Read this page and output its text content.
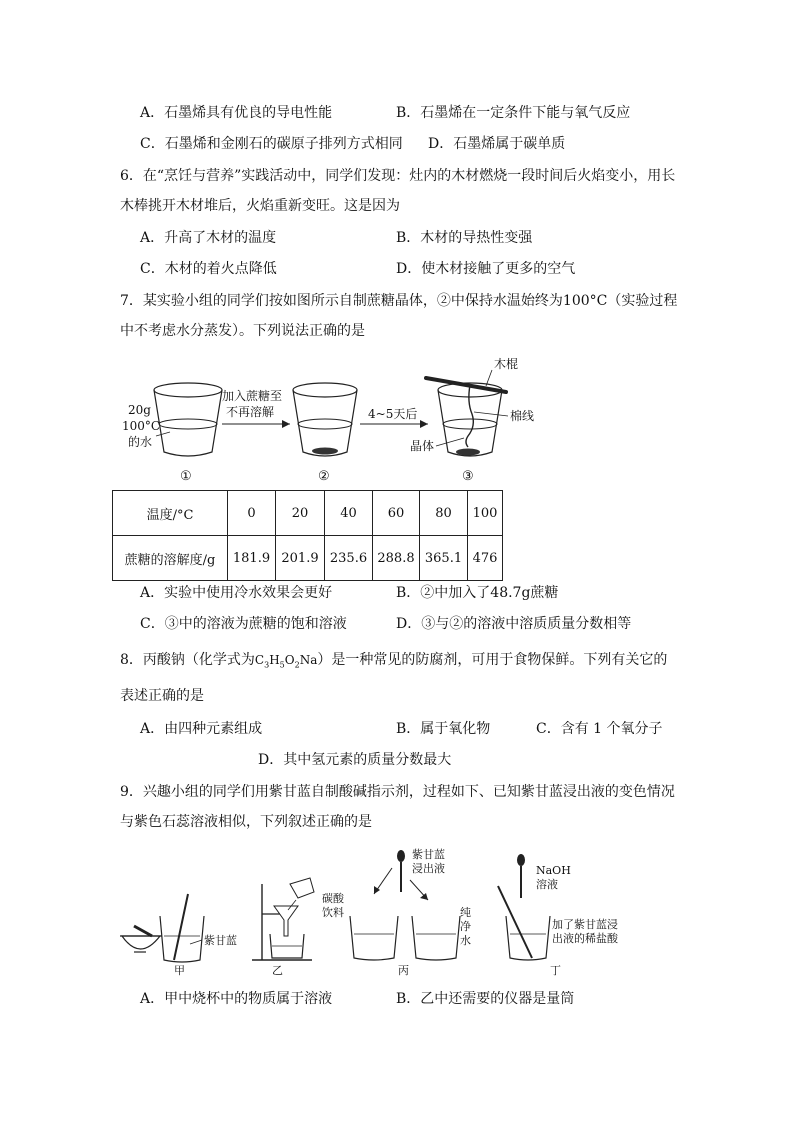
A．石墨烯具有优良的导电性能	B．石墨烯在一定条件下能与氧气反应
C．石墨烯和金刚石的碳原子排列方式相同 D．石墨烯属于碳单质
6．在“烹饪与营养”实践活动中，同学们发现：灶内的木材燃烧一段时间后火焰变小，用长
木棒挑开木材堆后，火焰重新变旺。这是因为
A．升高了木材的温度	B．木材的导热性变强
C．木材的着火点降低	D．使木材接触了更多的空气
7．某实验小组的同学们按如图所示自制蔗糖晶体，②中保持水温始终为100°C（实验过程
中不考虑水分蒸发）。下列说法正确的是
20g
100°C
的水
①
加入蔗糖至
不再溶解
②
4~5天后
木棍
棉线
晶体
③
温度/°C	0	20	40	60	80	100
蔗糖的溶解度/g	181.9	201.9	235.6	288.8	365.1	476
A．实验中使用冷水效果会更好	B．②中加入了48.7g蔗糖
C．③中的溶液为蔗糖的饱和溶液	D．③与②的溶液中溶质质量分数相等
8．丙酸钠（化学式为$C_3H_5O_2Na$）是一种常见的防腐剂，可用于食物保鲜。下列有关它的
表述正确的是
A．由四种元素组成	B．属于氧化物	C．含有 1 个氧分子
D．其中氢元素的质量分数最大
9．兴趣小组的同学们用紫甘蓝自制酸碱指示剂，过程如下、已知紫甘蓝浸出液的变色情况
与紫色石蕊溶液相似，下列叙述正确的是
紫甘蓝
甲	乙
紫甘蓝
浸出液
碳酸
饮料	纯
净
水
丙
NaOH
溶液
加了紫甘蓝浸
出液的稀盐酸
丁
A．甲中烧杯中的物质属于溶液	B．乙中还需要的仪器是量筒
